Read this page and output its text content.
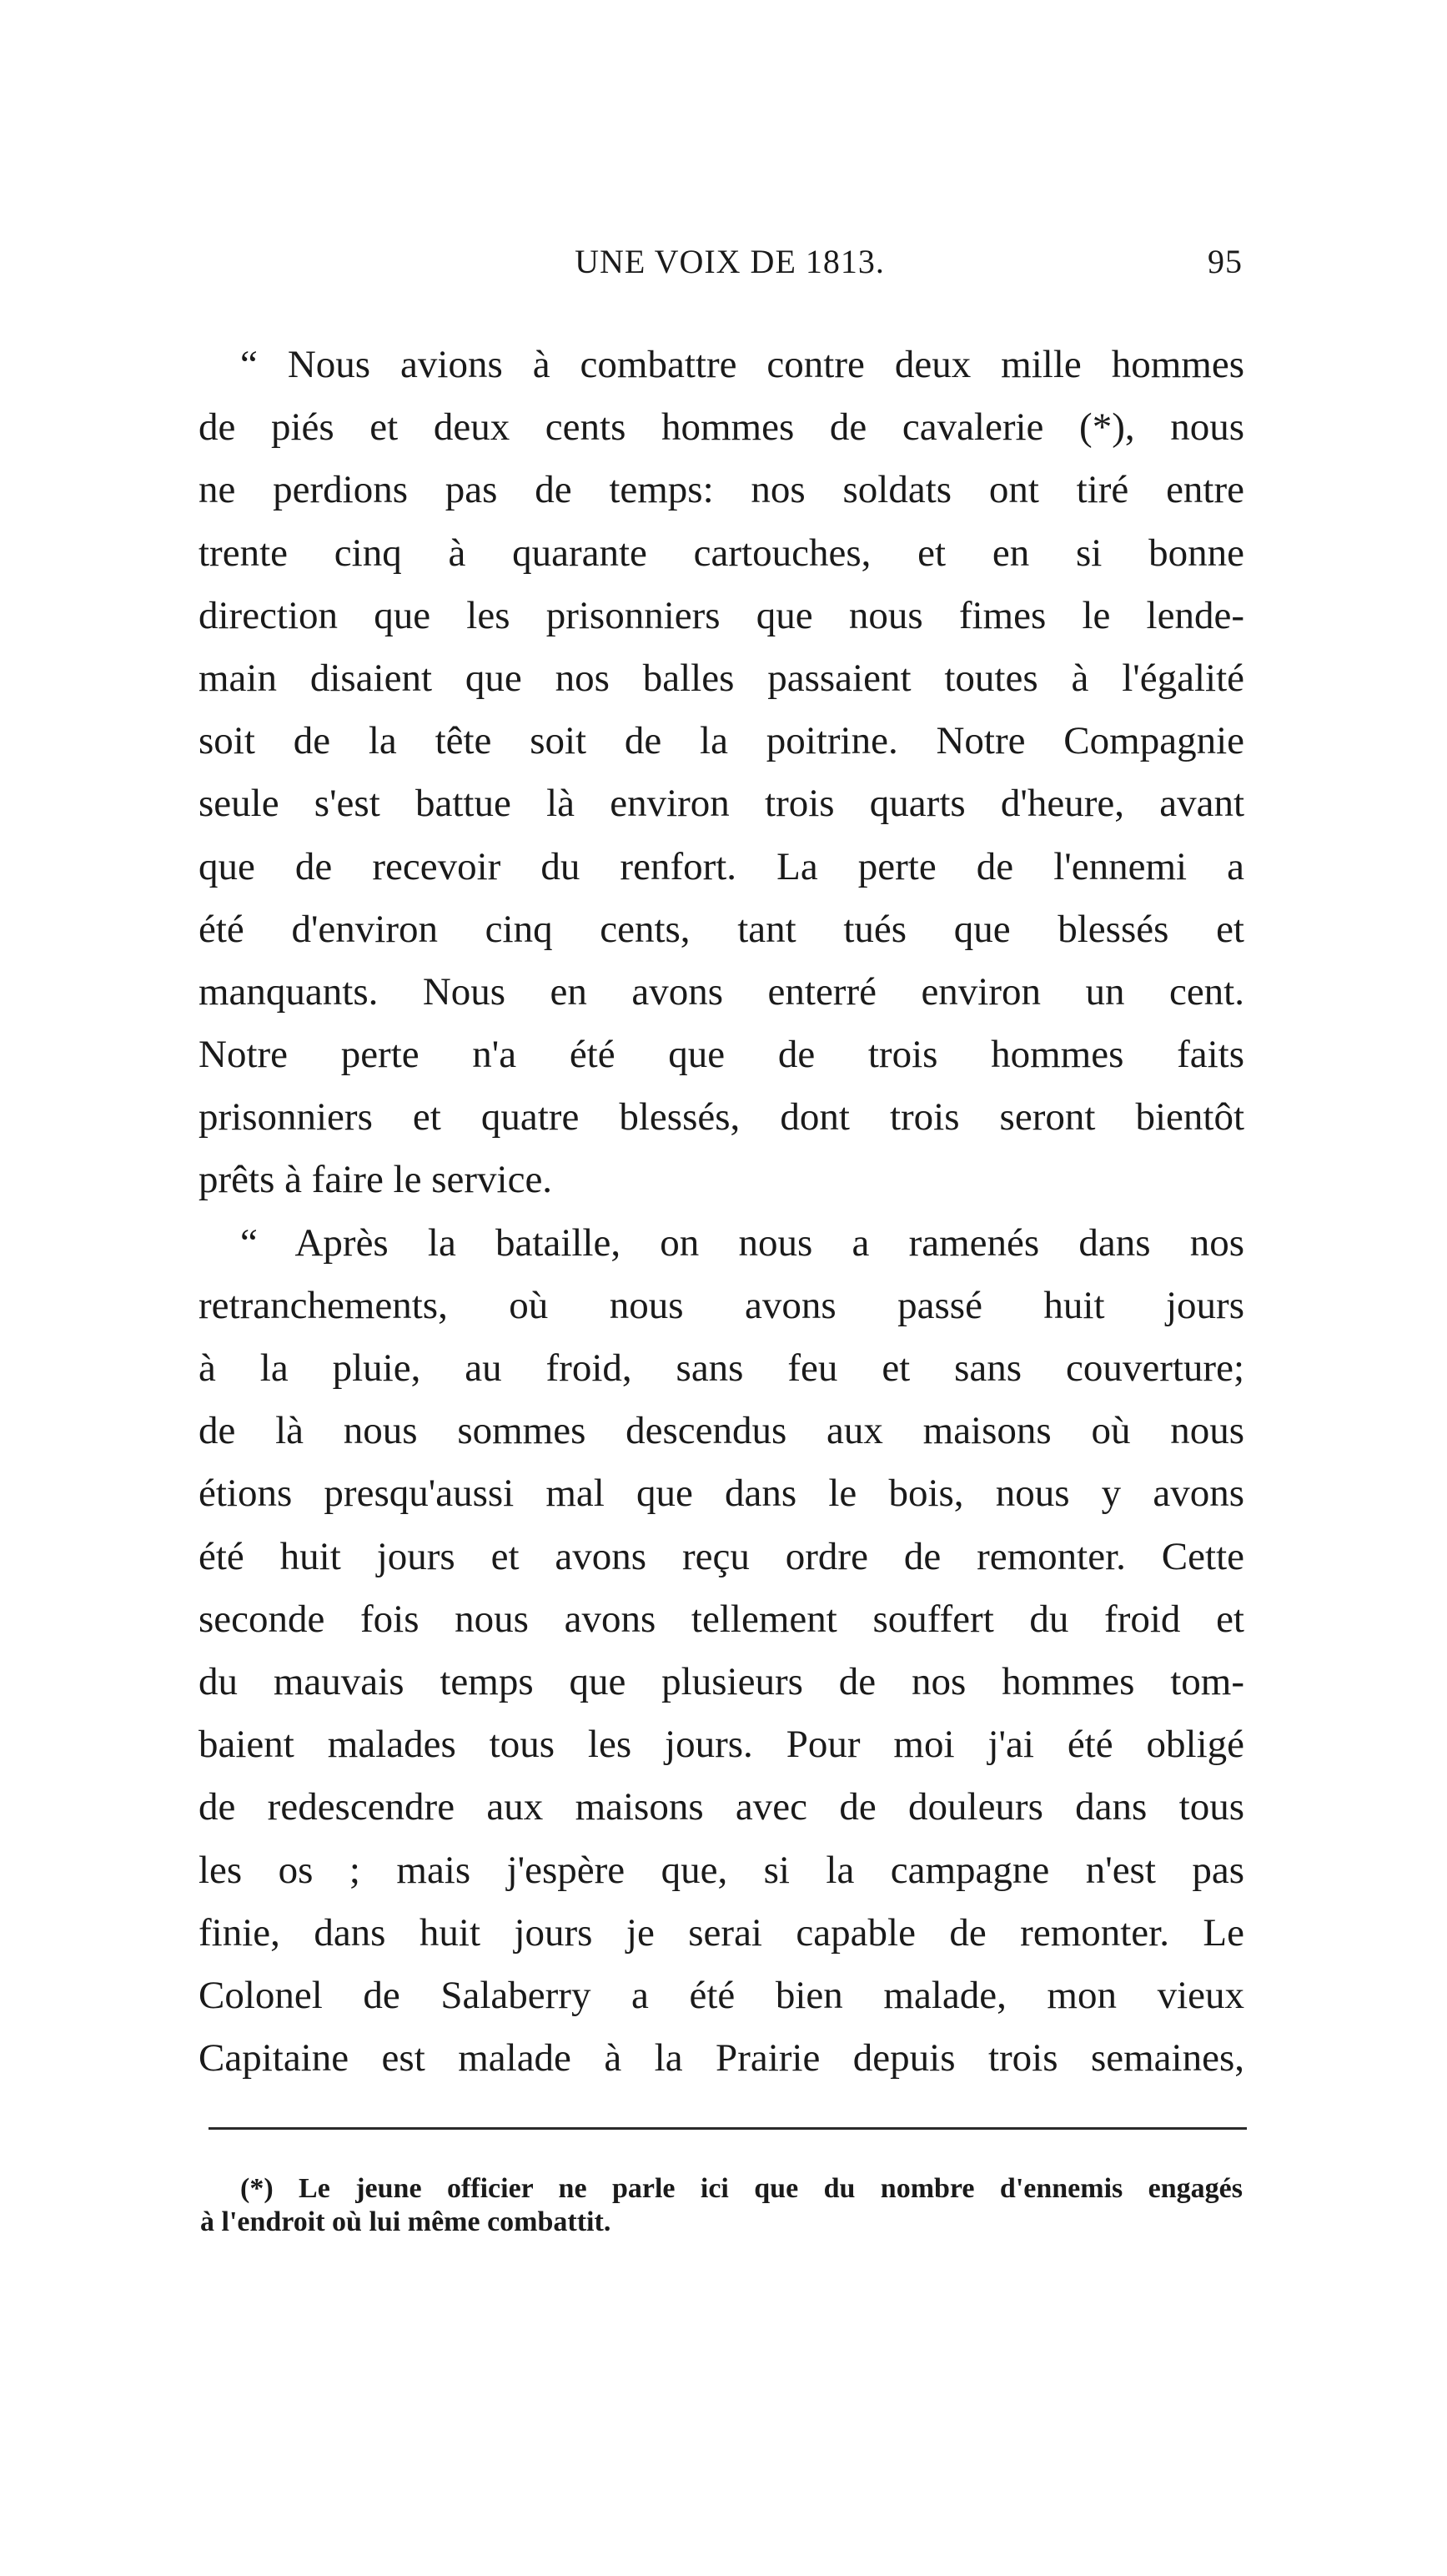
UNE VOIX DE 1813.	95

“ Nous avions à combattre contre deux mille hommes
de piés et deux cents hommes de cavalerie (*), nous
ne perdions pas de temps: nos soldats ont tiré entre
trente cinq à quarante cartouches, et en si bonne
direction que les prisonniers que nous fimes le lende-
main disaient que nos balles passaient toutes à l'égalité
soit de la tête soit de la poitrine. Notre Compagnie
seule s'est battue là environ trois quarts d'heure, avant
que de recevoir du renfort. La perte de l'ennemi a
été d'environ cinq cents, tant tués que blessés et
manquants. Nous en avons enterré environ un cent.
Notre perte n'a été que de trois hommes faits
prisonniers et quatre blessés, dont trois seront bientôt
prêts à faire le service.

“ Après la bataille, on nous a ramenés dans nos
retranchements, où nous avons passé huit jours
à la pluie, au froid, sans feu et sans couverture;
de là nous sommes descendus aux maisons où nous
étions presqu'aussi mal que dans le bois, nous y avons
été huit jours et avons reçu ordre de remonter. Cette
seconde fois nous avons tellement souffert du froid et
du mauvais temps que plusieurs de nos hommes tom-
baient malades tous les jours. Pour moi j'ai été obligé
de redescendre aux maisons avec de douleurs dans tous
les os ; mais j'espère que, si la campagne n'est pas
finie, dans huit jours je serai capable de remonter. Le
Colonel de Salaberry a été bien malade, mon vieux
Capitaine est malade à la Prairie depuis trois semaines,

(*) Le jeune officier ne parle ici que du nombre d'ennemis engagés
à l'endroit où lui même combattit.
